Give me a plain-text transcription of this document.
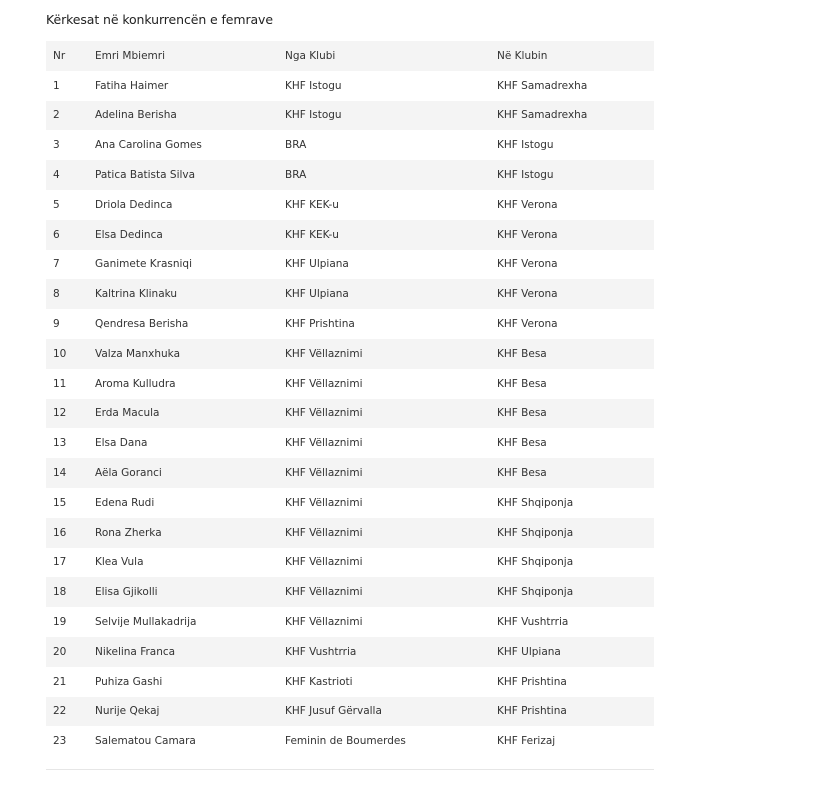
Kërkesat në konkurrencën e femrave
Nr	Emri Mbiemri	Nga Klubi	Në Klubin
1	Fatiha Haimer	KHF Istogu	KHF Samadrexha
2	Adelina Berisha	KHF Istogu	KHF Samadrexha
3	Ana Carolina Gomes	BRA	KHF Istogu
4	Patica Batista Silva	BRA	KHF Istogu
5	Driola Dedinca	KHF KEK-u	KHF Verona
6	Elsa Dedinca	KHF KEK-u	KHF Verona
7	Ganimete Krasniqi	KHF Ulpiana	KHF Verona
8	Kaltrina Klinaku	KHF Ulpiana	KHF Verona
9	Qendresa Berisha	KHF Prishtina	KHF Verona
10	Valza Manxhuka	KHF Vëllaznimi	KHF Besa
11	Aroma Kulludra	KHF Vëllaznimi	KHF Besa
12	Erda Macula	KHF Vëllaznimi	KHF Besa
13	Elsa Dana	KHF Vëllaznimi	KHF Besa
14	Aëla Goranci	KHF Vëllaznimi	KHF Besa
15	Edena Rudi	KHF Vëllaznimi	KHF Shqiponja
16	Rona Zherka	KHF Vëllaznimi	KHF Shqiponja
17	Klea Vula	KHF Vëllaznimi	KHF Shqiponja
18	Elisa Gjikolli	KHF Vëllaznimi	KHF Shqiponja
19	Selvije Mullakadrija	KHF Vëllaznimi	KHF Vushtrria
20	Nikelina Franca	KHF Vushtrria	KHF Ulpiana
21	Puhiza Gashi	KHF Kastrioti	KHF Prishtina
22	Nurije Qekaj	KHF Jusuf Gërvalla	KHF Prishtina
23	Salematou Camara	Feminin de Boumerdes	KHF Ferizaj
